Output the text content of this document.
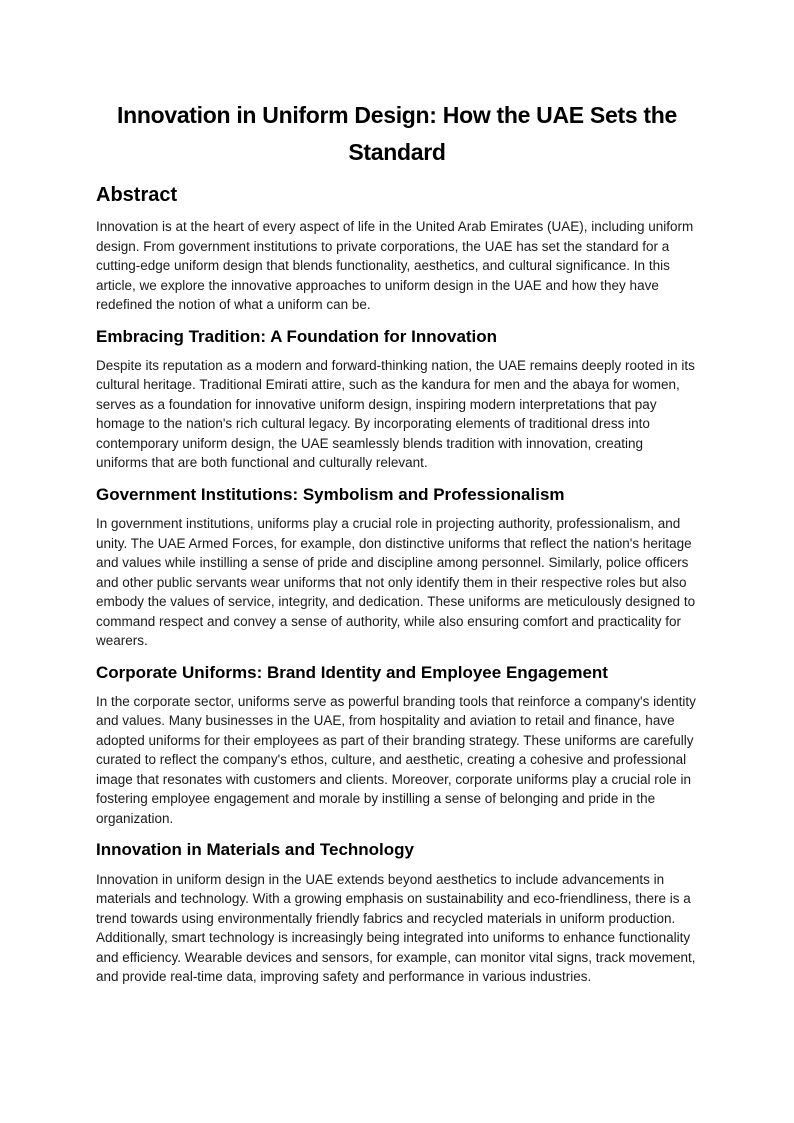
Innovation in Uniform Design: How the UAE Sets the
Standard
Abstract

Innovation is at the heart of every aspect of life in the United Arab Emirates (UAE), including uniform design. From government institutions to private corporations, the UAE has set the standard for a cutting-edge uniform design that blends functionality, aesthetics, and cultural significance. In this article, we explore the innovative approaches to uniform design in the UAE and how they have redefined the notion of what a uniform can be.

Embracing Tradition: A Foundation for Innovation

Despite its reputation as a modern and forward-thinking nation, the UAE remains deeply rooted in its cultural heritage. Traditional Emirati attire, such as the kandura for men and the abaya for women, serves as a foundation for innovative uniform design, inspiring modern interpretations that pay homage to the nation's rich cultural legacy. By incorporating elements of traditional dress into contemporary uniform design, the UAE seamlessly blends tradition with innovation, creating uniforms that are both functional and culturally relevant.

Government Institutions: Symbolism and Professionalism

In government institutions, uniforms play a crucial role in projecting authority, professionalism, and unity. The UAE Armed Forces, for example, don distinctive uniforms that reflect the nation's heritage and values while instilling a sense of pride and discipline among personnel. Similarly, police officers and other public servants wear uniforms that not only identify them in their respective roles but also embody the values of service, integrity, and dedication. These uniforms are meticulously designed to command respect and convey a sense of authority, while also ensuring comfort and practicality for wearers.

Corporate Uniforms: Brand Identity and Employee Engagement

In the corporate sector, uniforms serve as powerful branding tools that reinforce a company's identity and values. Many businesses in the UAE, from hospitality and aviation to retail and finance, have adopted uniforms for their employees as part of their branding strategy. These uniforms are carefully curated to reflect the company's ethos, culture, and aesthetic, creating a cohesive and professional image that resonates with customers and clients. Moreover, corporate uniforms play a crucial role in fostering employee engagement and morale by instilling a sense of belonging and pride in the organization.

Innovation in Materials and Technology

Innovation in uniform design in the UAE extends beyond aesthetics to include advancements in materials and technology. With a growing emphasis on sustainability and eco-friendliness, there is a trend towards using environmentally friendly fabrics and recycled materials in uniform production. Additionally, smart technology is increasingly being integrated into uniforms to enhance functionality and efficiency. Wearable devices and sensors, for example, can monitor vital signs, track movement, and provide real-time data, improving safety and performance in various industries.
